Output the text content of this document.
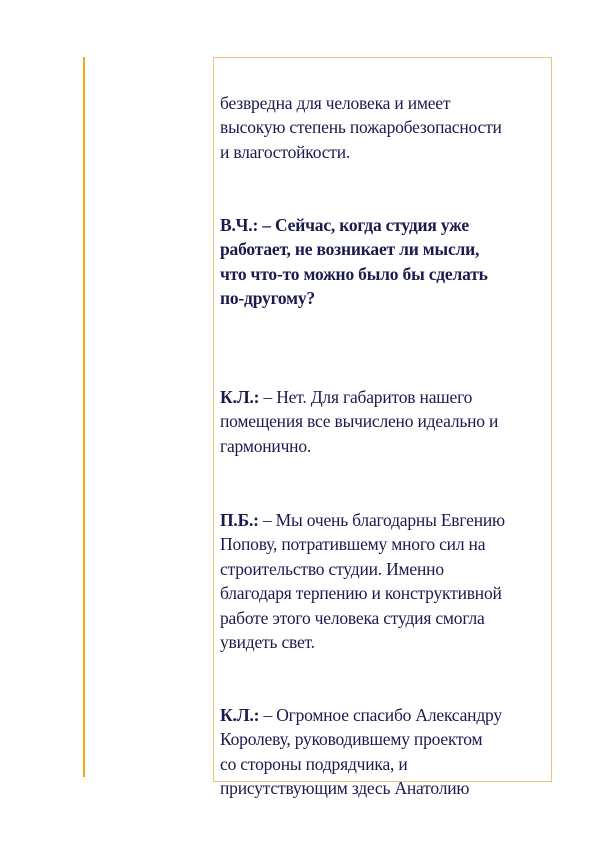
безвредна для человека и имеет
высокую степень пожаробезопасности
и влагостойкости.

В.Ч.: – Сейчас, когда студия уже
работает, не возникает ли мысли,
что что-то можно было бы сделать
по-другому?

К.Л.: – Нет. Для габаритов нашего
помещения все вычислено идеально и
гармонично.

П.Б.: – Мы очень благодарны Евгению
Попову, потратившему много сил на
строительство студии. Именно
благодаря терпению и конструктивной
работе этого человека студия смогла
увидеть свет.

К.Л.: – Огромное спасибо Александру
Королеву, руководившему проектом
со стороны подрядчика, и
присутствующим здесь Анатолию
